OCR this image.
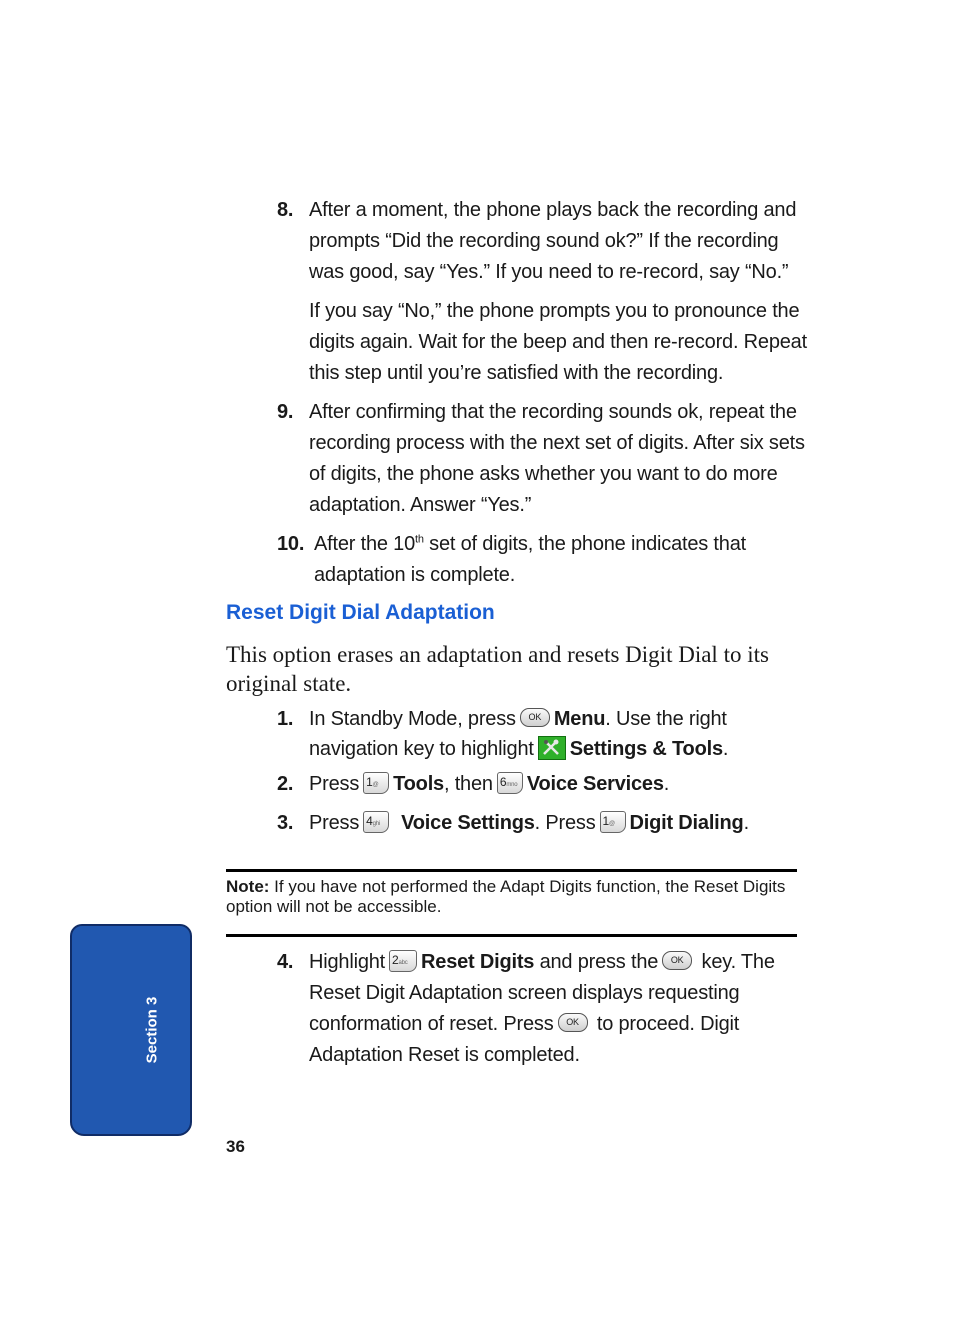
8. After a moment, the phone plays back the recording and prompts “Did the recording sound ok?” If the recording was good, say “Yes.” If you need to re-record, say “No.”
If you say “No,” the phone prompts you to pronounce the digits again. Wait for the beep and then re-record. Repeat this step until you’re satisfied with the recording.
9. After confirming that the recording sounds ok, repeat the recording process with the next set of digits. After six sets of digits, the phone asks whether you want to do more adaptation. Answer “Yes.”
10. After the 10th set of digits, the phone indicates that adaptation is complete.
Reset Digit Dial Adaptation
This option erases an adaptation and resets Digit Dial to its original state.
1. In Standby Mode, press OK Menu. Use the right navigation key to highlight Settings & Tools.
2. Press 1@ Tools, then 6mno Voice Services.
3. Press 4ghi Voice Settings. Press 1@ Digit Dialing.
Note: If you have not performed the Adapt Digits function, the Reset Digits option will not be accessible.
4. Highlight 2abc Reset Digits and press the OK key. The Reset Digit Adaptation screen displays requesting conformation of reset. Press OK to proceed. Digit Adaptation Reset is completed.
Section 3
36
